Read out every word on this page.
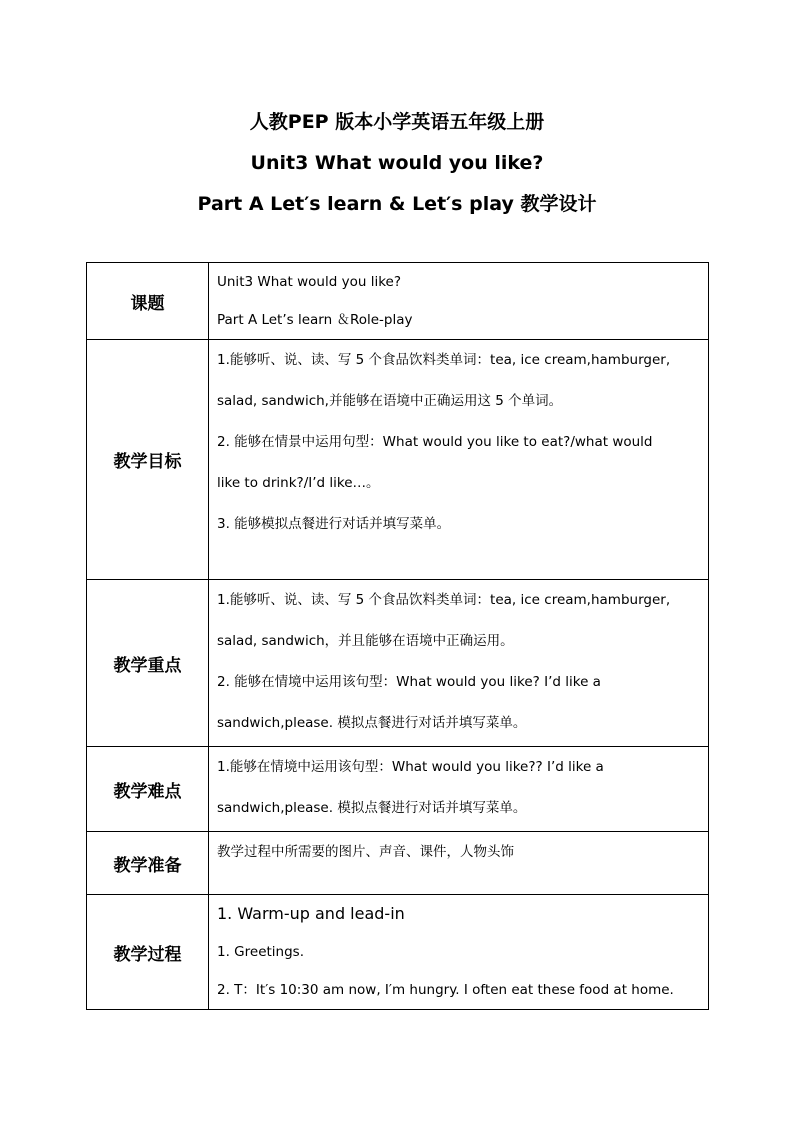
人教PEP 版本小学英语五年级上册
Unit3 What would you like?
Part A Let′s learn & Let′s play 教学设计
课题	Unit3 What would you like?
Part A Let’s learn ＆Role-play

教学目标	1.能够听、说、读、写 5 个食品饮料类单词：tea, ice cream,hamburger,
salad, sandwich,并能够在语境中正确运用这 5 个单词。
2. 能够在情景中运用句型：What would you like to eat?/what would
like to drink?/I’d like…。
3. 能够模拟点餐进行对话并填写菜单。

教学重点	1.能够听、说、读、写 5 个食品饮料类单词：tea, ice cream,hamburger,
salad, sandwich，并且能够在语境中正确运用。
2. 能够在情境中运用该句型：What would you like? I’d like a
sandwich,please. 模拟点餐进行对话并填写菜单。

教学难点	1.能够在情境中运用该句型：What would you like?? I’d like a
sandwich,please. 模拟点餐进行对话并填写菜单。

教学准备	教学过程中所需要的图片、声音、课件，人物头饰

教学过程	1. Warm-up and lead-in
1. Greetings.
2. T：It′s 10:30 am now, I′m hungry. I often eat these food at home.
